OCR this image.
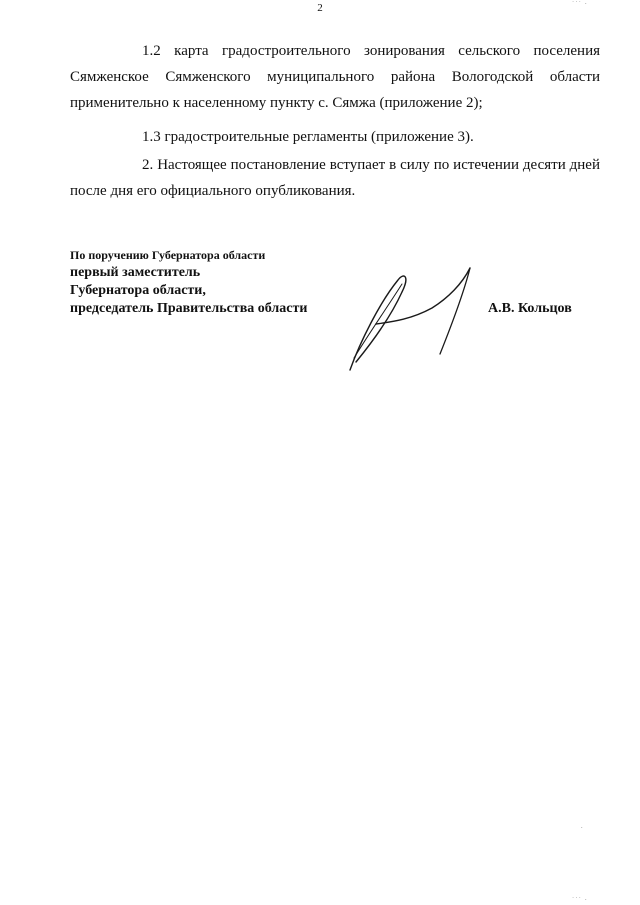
2

1.2 карта градостроительного зонирования сельского поселения Сямженское Сямженского муниципального района Вологодской области применительно к населенному пункту с. Сямжа (приложение 2);

1.3 градостроительные регламенты (приложение 3).

2. Настоящее постановление вступает в силу по истечении десяти дней после дня его официального опубликования.

По поручению Губернатора области
первый заместитель
Губернатора области,
председатель Правительства области	А.В. Кольцов
˙˙˙ ·
·
˙˙˙ ·
